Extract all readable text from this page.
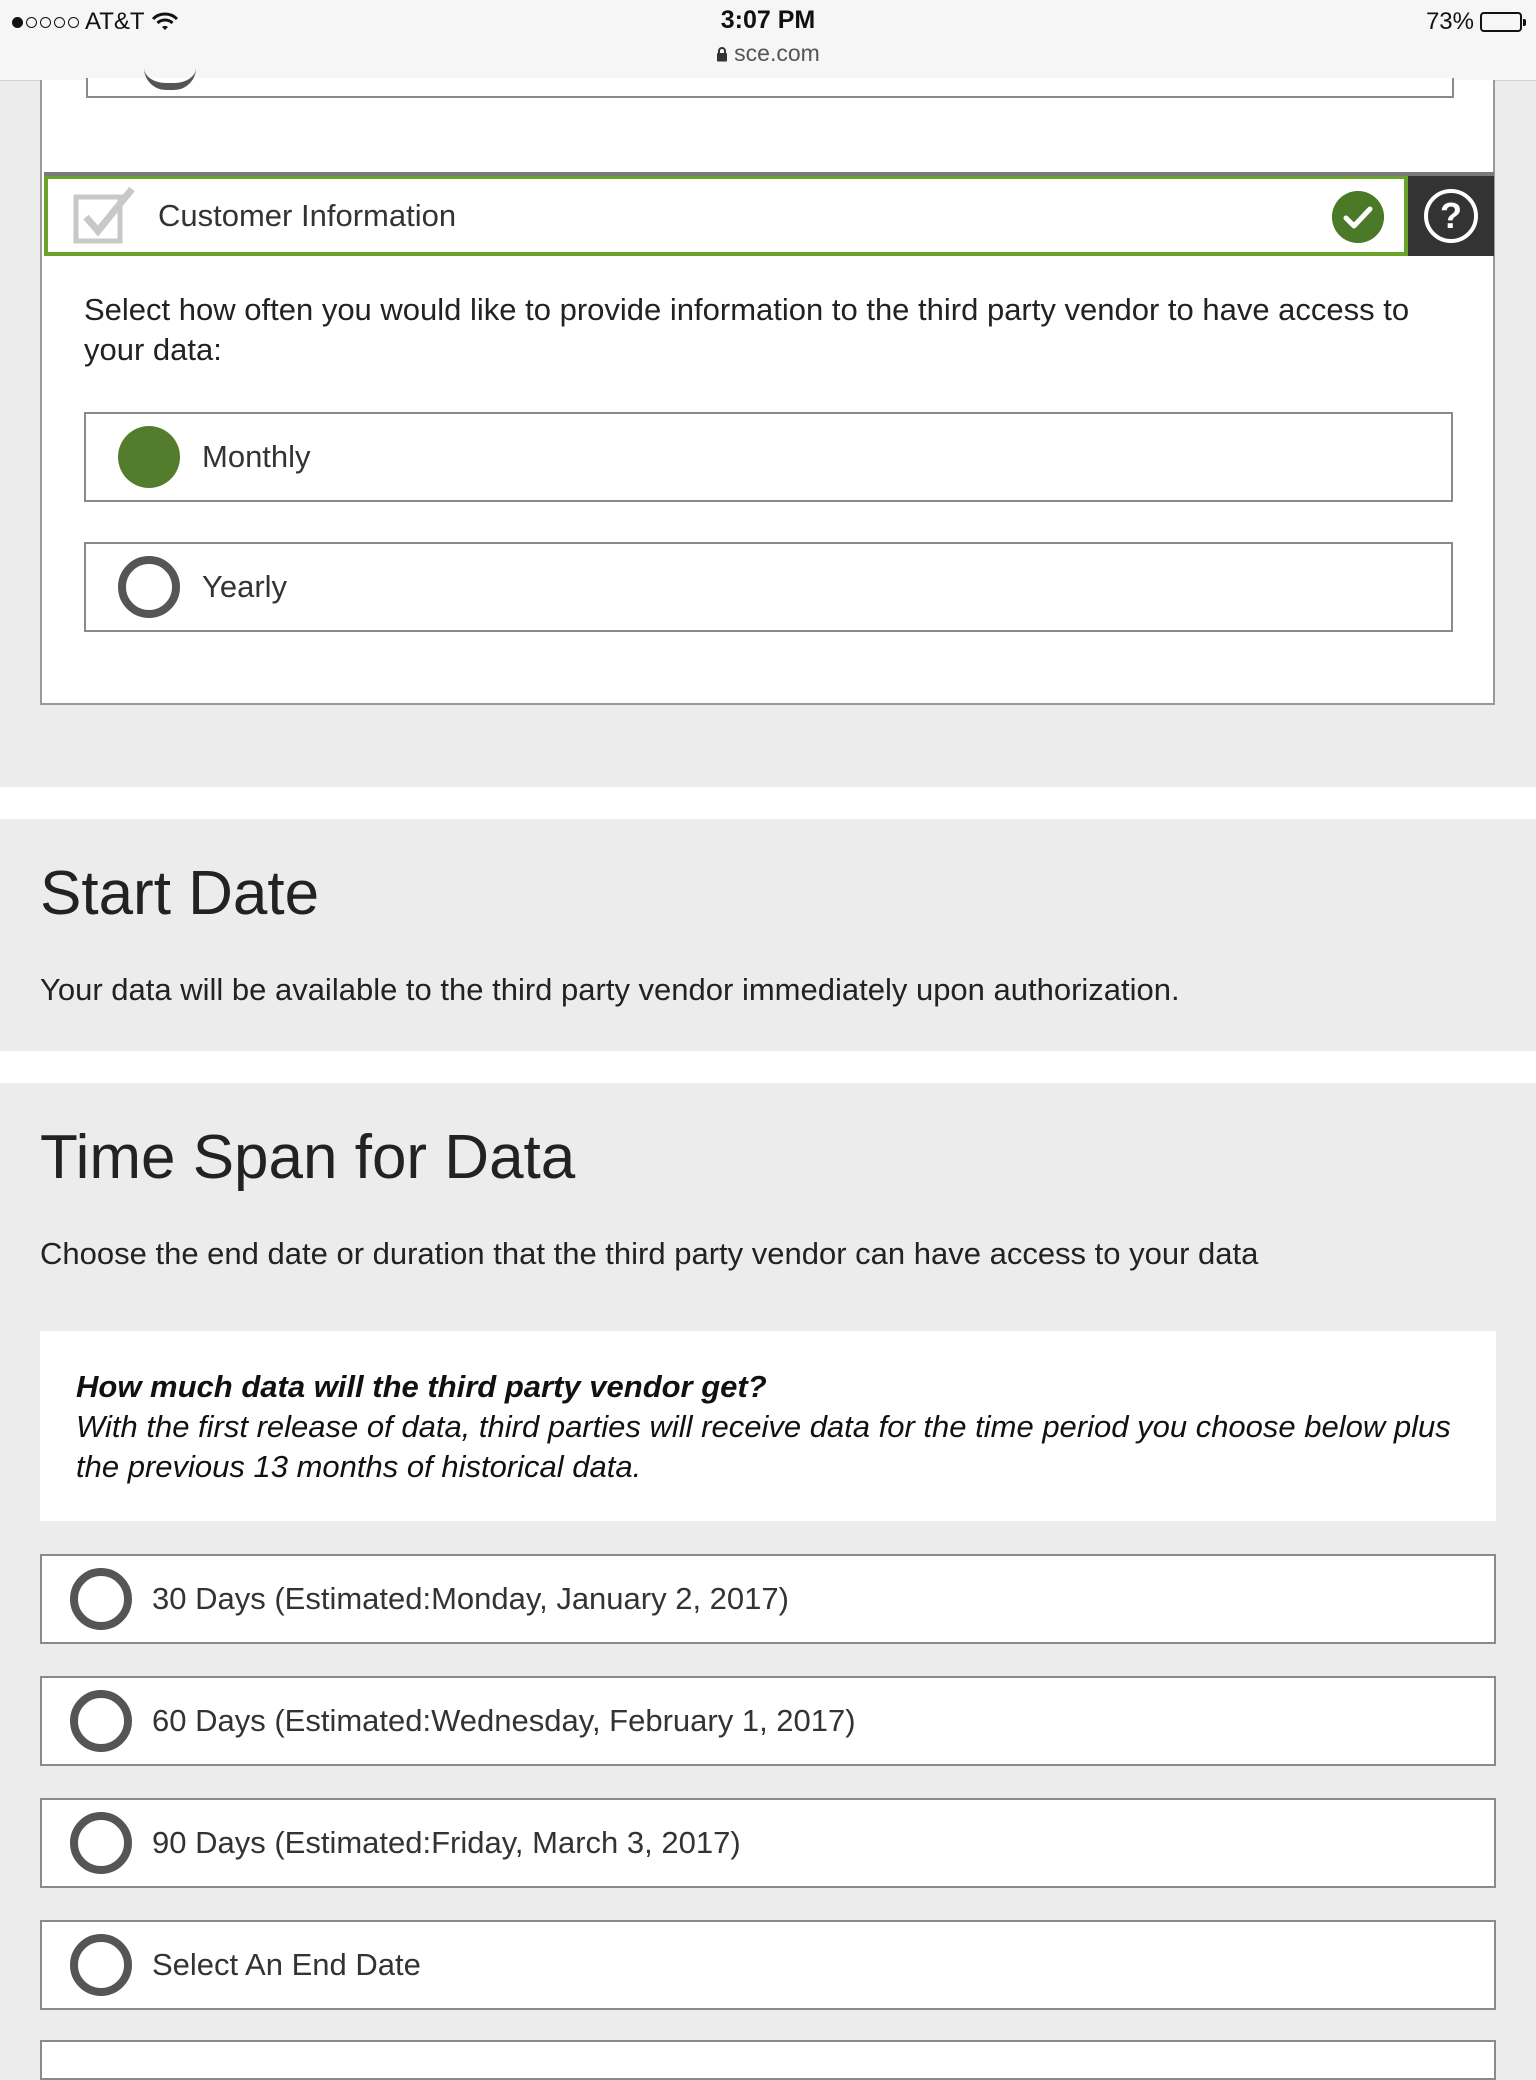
AT&T	3:07 PM
sce.com
73%
Customer Information	?
Select how often you would like to provide information to the third party vendor to have access to your data:
Monthly
Yearly
Start Date
Your data will be available to the third party vendor immediately upon authorization.
Time Span for Data
Choose the end date or duration that the third party vendor can have access to your data
How much data will the third party vendor get?
With the first release of data, third parties will receive data for the time period you choose below plus the previous 13 months of historical data.
30 Days (Estimated:Monday, January 2, 2017)
60 Days (Estimated:Wednesday, February 1, 2017)
90 Days (Estimated:Friday, March 3, 2017)
Select An End Date
